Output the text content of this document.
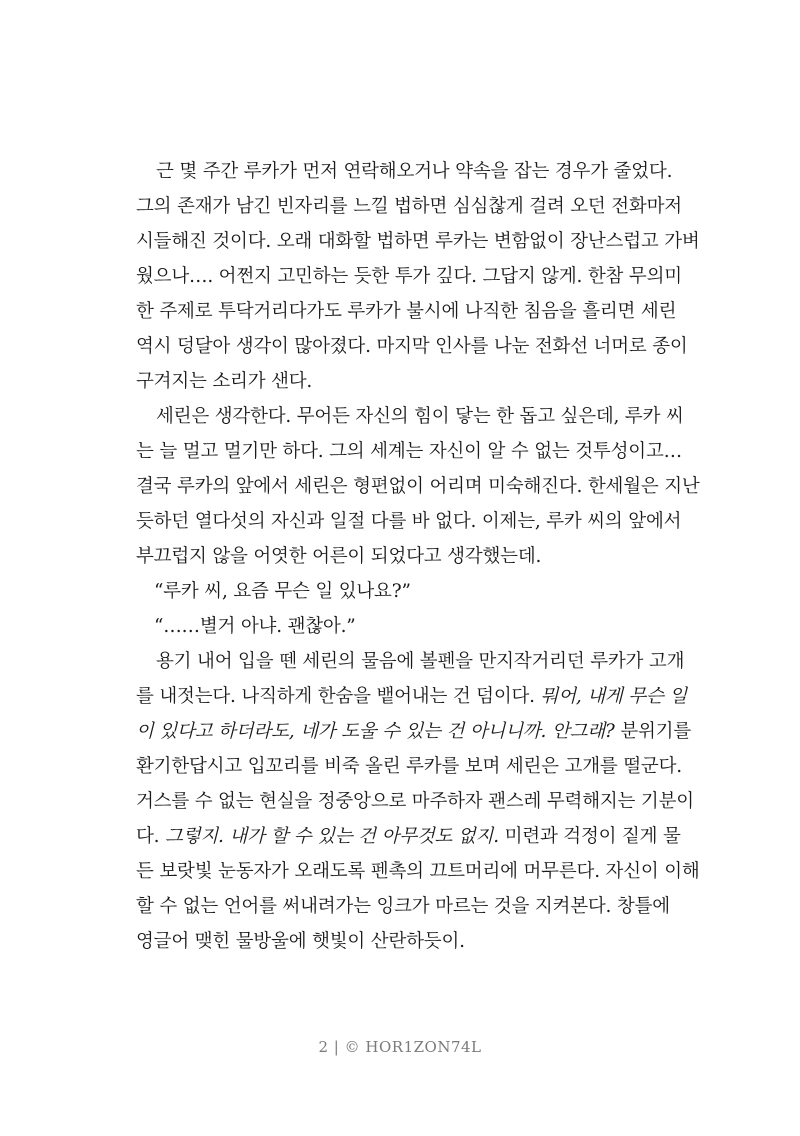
근 몇 주간 루카가 먼저 연락해오거나 약속을 잡는 경우가 줄었다.
그의 존재가 남긴 빈자리를 느낄 법하면 심심찮게 걸려 오던 전화마저
시들해진 것이다. 오래 대화할 법하면 루카는 변함없이 장난스럽고 가벼
웠으나…. 어쩐지 고민하는 듯한 투가 깊다. 그답지 않게. 한참 무의미
한 주제로 투닥거리다가도 루카가 불시에 나직한 침음을 흘리면 세린
역시 덩달아 생각이 많아졌다. 마지막 인사를 나눈 전화선 너머로 종이
구겨지는 소리가 샌다.
세린은 생각한다. 무어든 자신의 힘이 닿는 한 돕고 싶은데, 루카 씨
는 늘 멀고 멀기만 하다. 그의 세계는 자신이 알 수 없는 것투성이고…
결국 루카의 앞에서 세린은 형편없이 어리며 미숙해진다. 한세월은 지난
듯하던 열다섯의 자신과 일절 다를 바 없다. 이제는, 루카 씨의 앞에서
부끄럽지 않을 어엿한 어른이 되었다고 생각했는데.
“루카 씨, 요즘 무슨 일 있나요?”
“……별거 아냐. 괜찮아.”
용기 내어 입을 뗀 세린의 물음에 볼펜을 만지작거리던 루카가 고개
를 내젓는다. 나직하게 한숨을 뱉어내는 건 덤이다. 뭐어, 내게 무슨 일
이 있다고 하더라도, 네가 도울 수 있는 건 아니니까. 안그래? 분위기를
환기한답시고 입꼬리를 비죽 올린 루카를 보며 세린은 고개를 떨군다.
거스를 수 없는 현실을 정중앙으로 마주하자 괜스레 무력해지는 기분이
다. 그렇지. 내가 할 수 있는 건 아무것도 없지. 미련과 걱정이 짙게 물
든 보랏빛 눈동자가 오래도록 펜촉의 끄트머리에 머무른다. 자신이 이해
할 수 없는 언어를 써내려가는 잉크가 마르는 것을 지켜본다. 창틀에
영글어 맺힌 물방울에 햇빛이 산란하듯이.
2 | © HOR1ZON74L
